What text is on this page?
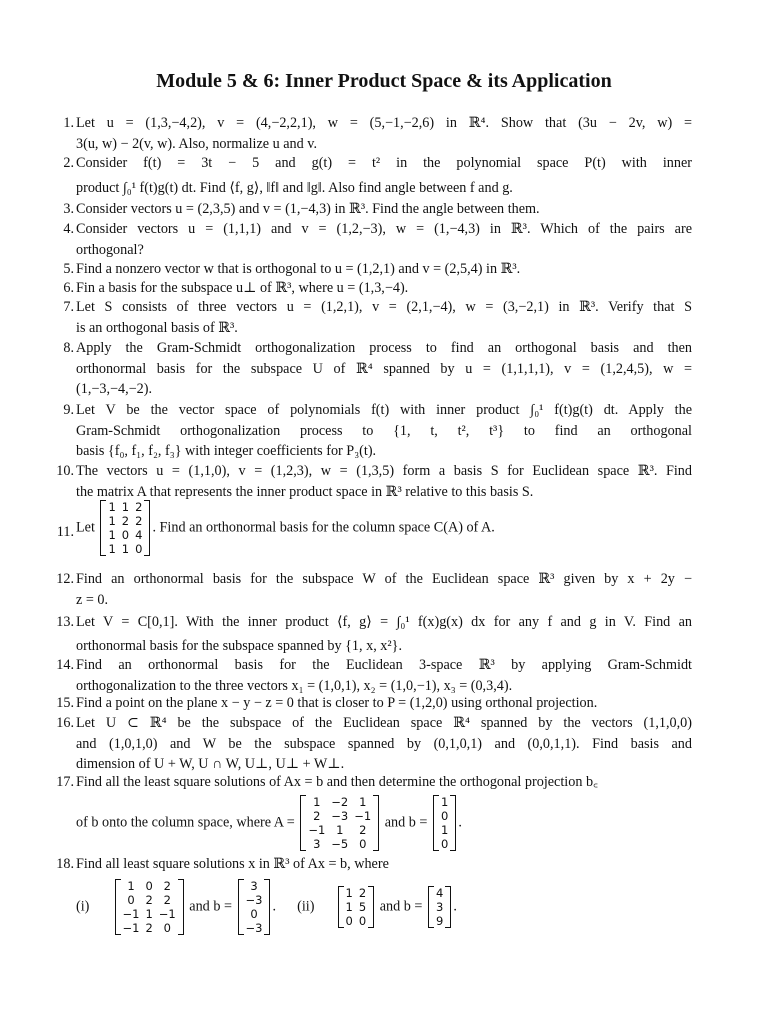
Module 5 & 6: Inner Product Space & its Application
1. Let u = (1,3,−4,2), v = (4,−2,2,1), w = (5,−1,−2,6) in ℝ⁴. Show that (3u − 2v, w) =
3(u, w) − 2(v, w). Also, normalize u and v.
2. Consider f(t) = 3t − 5 and g(t) = t² in the polynomial space P(t) with inner
product ∫₀¹ f(t)g(t) dt. Find ⟨f, g⟩, ‖f‖ and ‖g‖. Also find angle between f and g.
3. Consider vectors u = (2,3,5) and v = (1,−4,3) in ℝ³. Find the angle between them.
4. Consider vectors u = (1,1,1) and v = (1,2,−3), w = (1,−4,3) in ℝ³. Which of the pairs are
orthogonal?
5. Find a nonzero vector w that is orthogonal to u = (1,2,1) and v = (2,5,4) in ℝ³.
6. Fin a basis for the subspace u⊥ of ℝ³, where u = (1,3,−4).
7. Let S consists of three vectors u = (1,2,1), v = (2,1,−4), w = (3,−2,1) in ℝ³. Verify that S
is an orthogonal basis of ℝ³.
8. Apply the Gram-Schmidt orthogonalization process to find an orthogonal basis and then
orthonormal basis for the subspace U of ℝ⁴ spanned by u = (1,1,1,1), v = (1,2,4,5), w =
(1,−3,−4,−2).
9. Let V be the vector space of polynomials f(t) with inner product ∫₀¹ f(t)g(t) dt. Apply the
Gram-Schmidt orthogonalization process to {1, t, t², t³} to find an orthogonal
basis {f₀, f₁, f₂, f₃} with integer coefficients for P₃(t).
10. The vectors u = (1,1,0), v = (1,2,3), w = (1,3,5) form a basis S for Euclidean space ℝ³. Find
the matrix A that represents the inner product space in ℝ³ relative to this basis S.
11. Let
1	1	2
1	2	2
1	0	4
1	1	0
. Find an orthonormal basis for the column space C(A) of A.
12. Find an orthonormal basis for the subspace W of the Euclidean space ℝ³ given by x + 2y −
z = 0.
13. Let V = C[0,1]. With the inner product ⟨f, g⟩ = ∫₀¹ f(x)g(x) dx for any f and g in V. Find an
orthonormal basis for the subspace spanned by {1, x, x²}.
14. Find an orthonormal basis for the Euclidean 3-space ℝ³ by applying Gram-Schmidt
orthogonalization to the three vectors x₁ = (1,0,1), x₂ = (1,0,−1), x₃ = (0,3,4).
15. Find a point on the plane x − y − z = 0 that is closer to P = (1,2,0) using orthonal projection.
16. Let U ⊂ ℝ⁴ be the subspace of the Euclidean space ℝ⁴ spanned by the vectors (1,1,0,0)
and (1,0,1,0) and W be the subspace spanned by (0,1,0,1) and (0,0,1,1). Find basis and
dimension of U + W, U ∩ W, U⊥, U⊥ + W⊥.
17. Find all the least square solutions of Ax = b and then determine the orthogonal projection b꜀
of b onto the column space, where A =
1	−2	1
2	−3	−1
−1	1	2
3	−5	0
and b =
1
0
1
0
.
18. Find all least square solutions x in ℝ³ of Ax = b, where
(i)
1	0	2
0	2	2
−1	1	−1
−1	2	0
and b =
3
−3
0
−3
. (ii)
1	2
1	5
0	0
and b =
4
3
9
.
